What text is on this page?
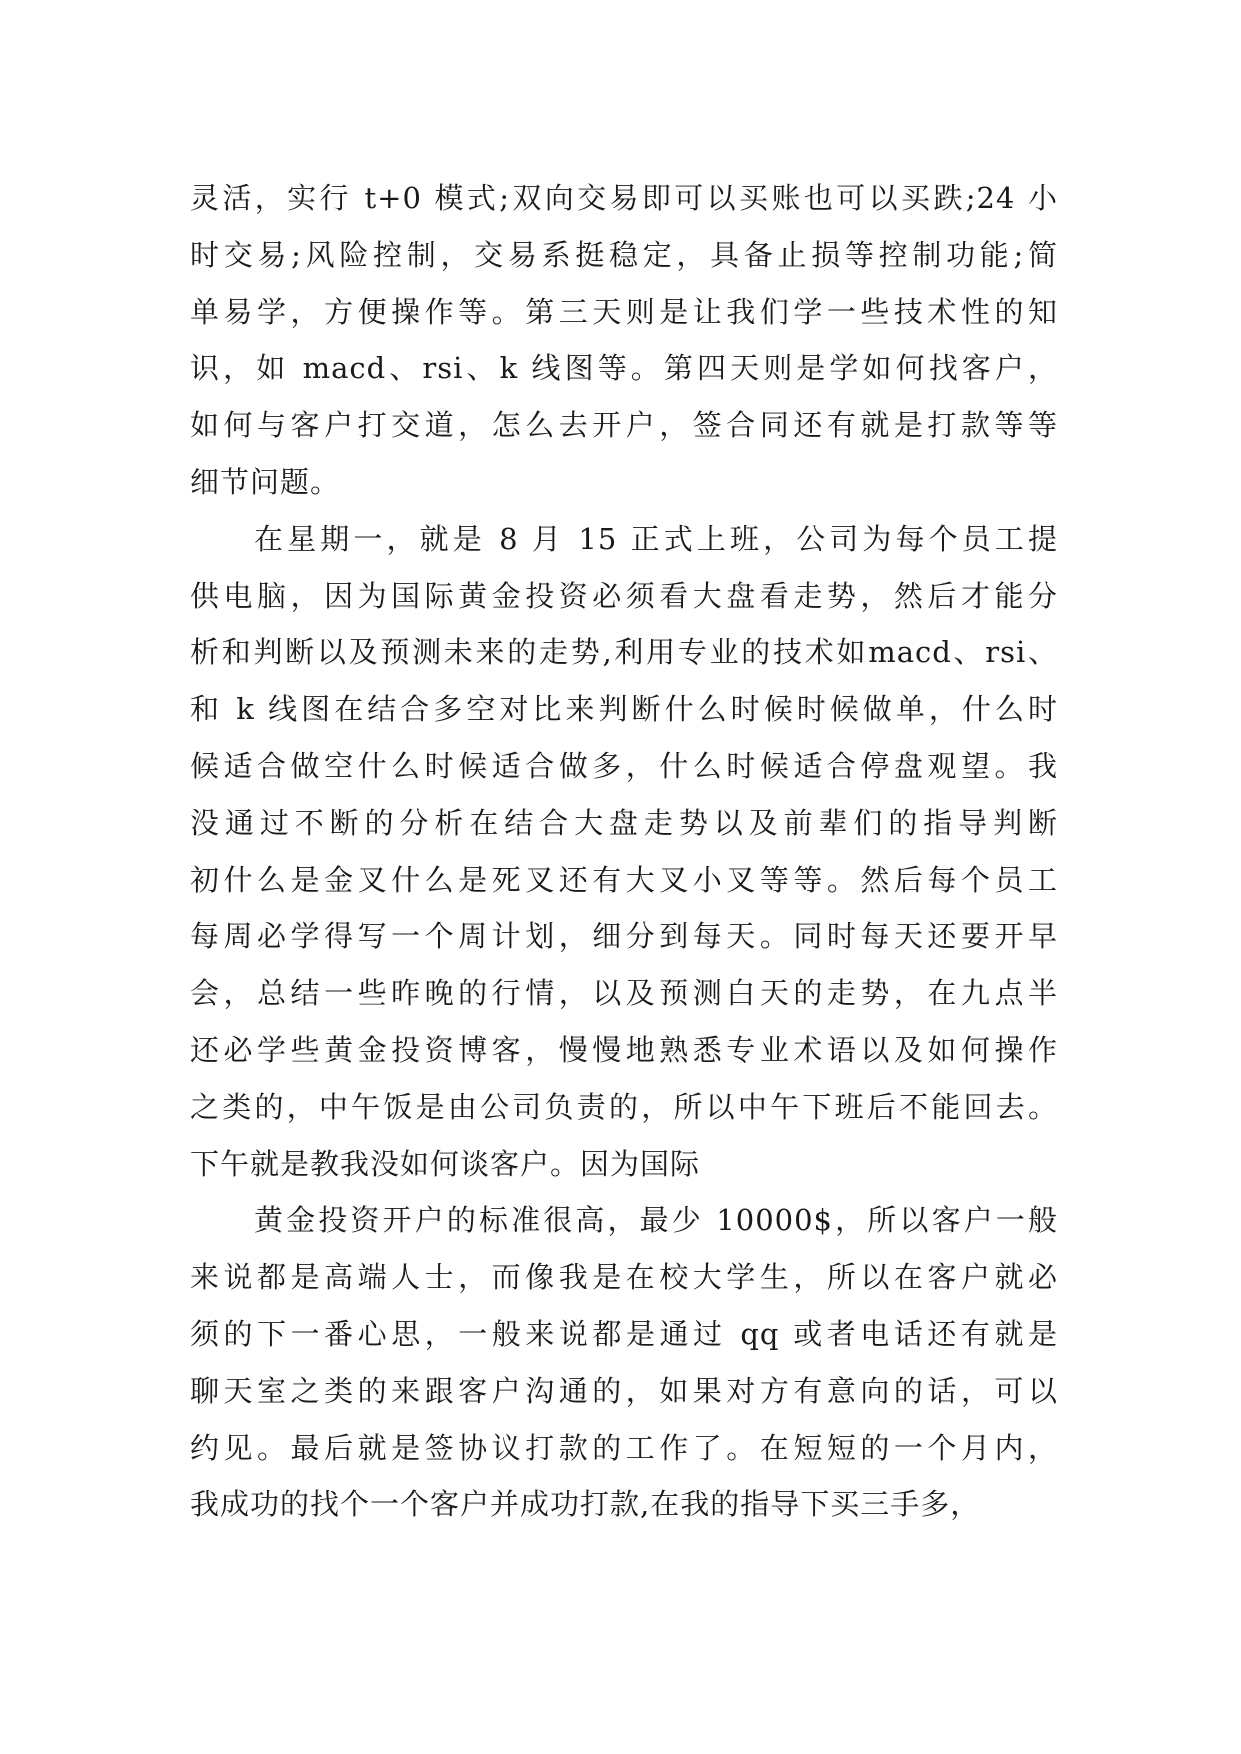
灵活，实行 t+0 模式;双向交易即可以买账也可以买跌;24 小
时交易;风险控制，交易系挺稳定，具备止损等控制功能;简
单易学，方便操作等。第三天则是让我们学一些技术性的知
识，如 macd、rsi、k 线图等。第四天则是学如何找客户，
如何与客户打交道，怎么去开户，签合同还有就是打款等等
细节问题。
在星期一，就是 8 月 15 正式上班，公司为每个员工提
供电脑，因为国际黄金投资必须看大盘看走势，然后才能分
析和判断以及预测未来的走势,利用专业的技术如macd、rsi、
和 k 线图在结合多空对比来判断什么时候时候做单，什么时
候适合做空什么时候适合做多，什么时候适合停盘观望。我
没通过不断的分析在结合大盘走势以及前辈们的指导判断
初什么是金叉什么是死叉还有大叉小叉等等。然后每个员工
每周必学得写一个周计划，细分到每天。同时每天还要开早
会，总结一些昨晚的行情，以及预测白天的走势，在九点半
还必学些黄金投资博客，慢慢地熟悉专业术语以及如何操作
之类的，中午饭是由公司负责的，所以中午下班后不能回去。
下午就是教我没如何谈客户。因为国际
黄金投资开户的标准很高，最少 10000$，所以客户一般
来说都是高端人士，而像我是在校大学生，所以在客户就必
须的下一番心思，一般来说都是通过 qq 或者电话还有就是
聊天室之类的来跟客户沟通的，如果对方有意向的话，可以
约见。最后就是签协议打款的工作了。在短短的一个月内，
我成功的找个一个客户并成功打款,在我的指导下买三手多，
